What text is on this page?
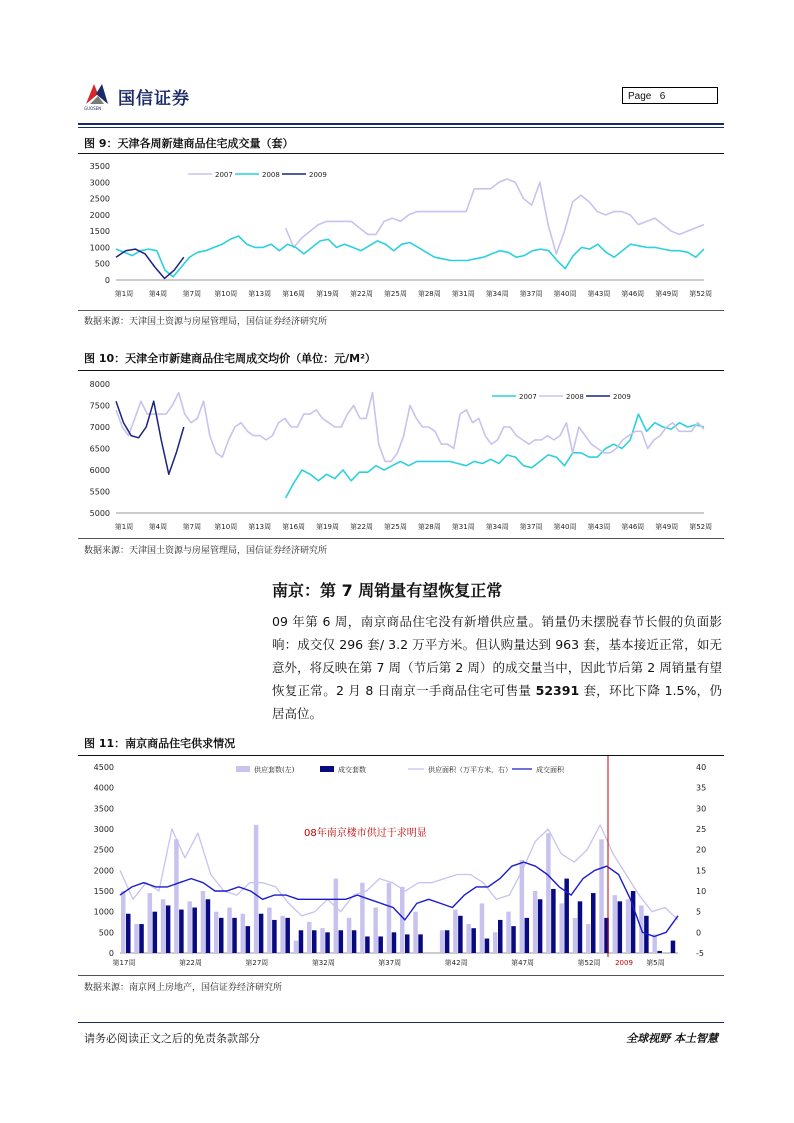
国信证券
GUOSEN
Page 6
图 9：天津各周新建商品住宅成交量（套）
3500
3000
2500
2000
1500
1000
500
0
第1周 第4周 第7周 第10周 第13周 第16周 第19周 第22周 第25周 第28周 第31周 第34周 第37周 第40周 第43周 第46周 第49周 第52周
2007	2008	2009
数据来源：天津国土资源与房屋管理局，国信证券经济研究所
图 10：天津全市新建商品住宅周成交均价（单位：元/M²）
8000
7500
7000
6500
6000
5500
5000
第1周 第4周 第7周 第10周 第13周 第16周 第19周 第22周 第25周 第28周 第31周 第34周 第37周 第40周 第43周 第46周 第49周 第52周
2007	2008	2009
数据来源：天津国土资源与房屋管理局，国信证券经济研究所
南京：第 7 周销量有望恢复正常
09 年第 6 周，南京商品住宅没有新增供应量。销量仍未摆脱春节长假的负面影响：成交仅 296 套/ 3.2 万平方米。但认购量达到 963 套，基本接近正常，如无意外，将反映在第 7 周（节后第 2 周）的成交量当中，因此节后第 2 周销量有望恢复正常。2 月 8 日南京一手商品住宅可售量 52391 套，环比下降 1.5%，仍居高位。
图 11：南京商品住宅供求情况
4500
4000
3500
3000
2500
2000
1500
1000
500
0
40
35
30
25
20
15
10
5
0
-5
第17周	第22周	第27周	第32周	第37周	第42周	第47周	第52周	第5周
2009
08年南京楼市供过于求明显
供应套数(左)	成交套数	供应面积（万平方米，右）	成交面积
数据来源：南京网上房地产，国信证券经济研究所
请务必阅读正文之后的免责条款部分	全球视野 本土智慧
